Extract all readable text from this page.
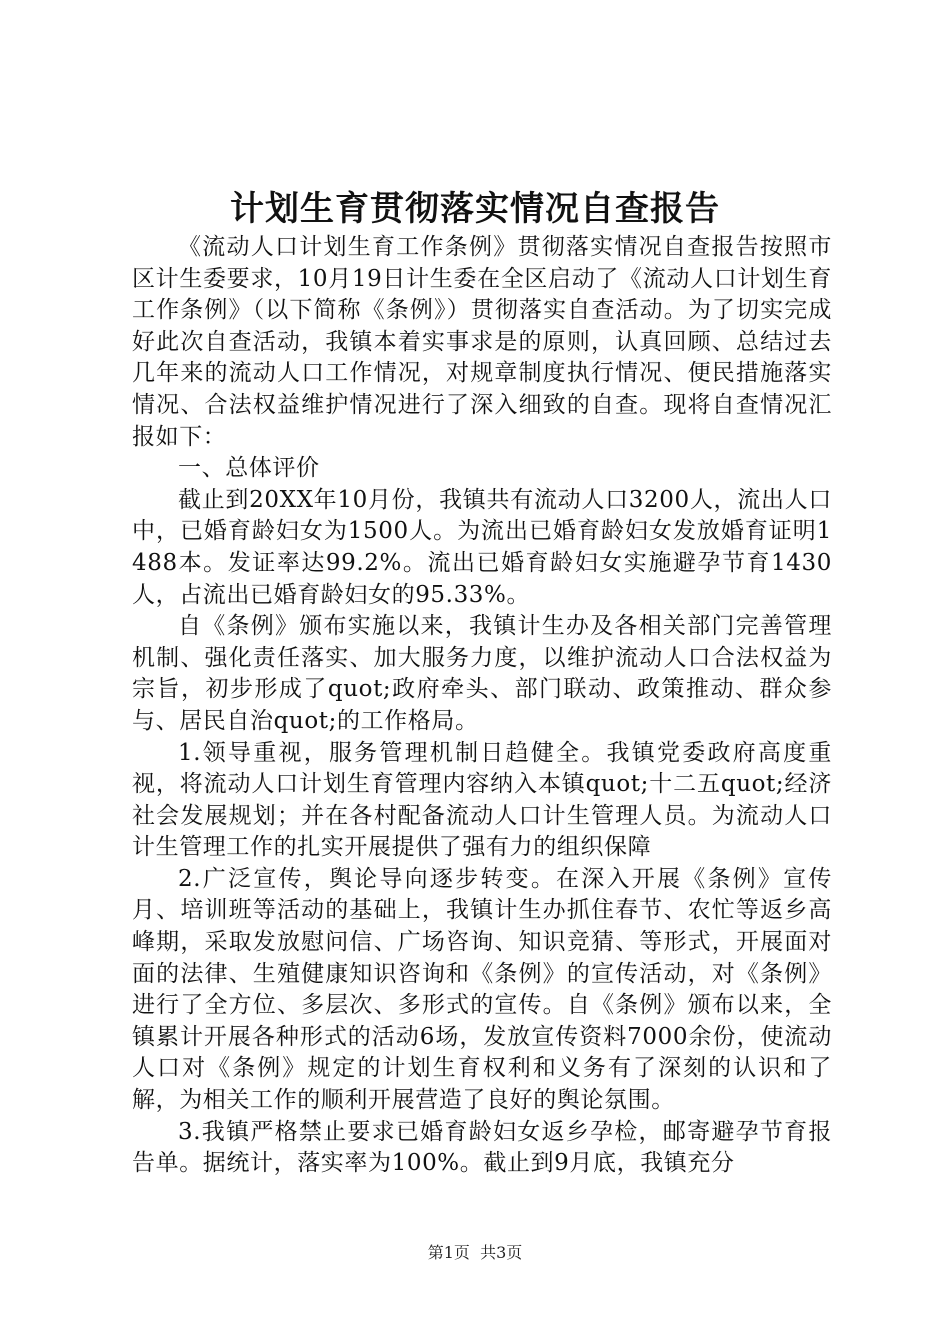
计划生育贯彻落实情况自查报告

《流动人口计划生育工作条例》贯彻落实情况自查报告按照市区计生委要求，10月19日计生委在全区启动了《流动人口计划生育工作条例》（以下简称《条例》）贯彻落实自查活动。为了切实完成好此次自查活动，我镇本着实事求是的原则，认真回顾、总结过去几年来的流动人口工作情况，对规章制度执行情况、便民措施落实情况、合法权益维护情况进行了深入细致的自查。现将自查情况汇报如下：

一、总体评价

截止到20XX年10月份，我镇共有流动人口3200人，流出人口中，已婚育龄妇女为1500人。为流出已婚育龄妇女发放婚育证明1488本。发证率达99.2%。流出已婚育龄妇女实施避孕节育1430人，占流出已婚育龄妇女的95.33%。

自《条例》颁布实施以来，我镇计生办及各相关部门完善管理机制、强化责任落实、加大服务力度，以维护流动人口合法权益为宗旨，初步形成了quot;政府牵头、部门联动、政策推动、群众参与、居民自治quot;的工作格局。

1.领导重视，服务管理机制日趋健全。我镇党委政府高度重视，将流动人口计划生育管理内容纳入本镇quot;十二五quot;经济社会发展规划；并在各村配备流动人口计生管理人员。为流动人口计生管理工作的扎实开展提供了强有力的组织保障

2.广泛宣传，舆论导向逐步转变。在深入开展《条例》宣传月、培训班等活动的基础上，我镇计生办抓住春节、农忙等返乡高峰期，采取发放慰问信、广场咨询、知识竞猜、等形式，开展面对面的法律、生殖健康知识咨询和《条例》的宣传活动，对《条例》进行了全方位、多层次、多形式的宣传。自《条例》颁布以来，全镇累计开展各种形式的活动6场，发放宣传资料7000余份，使流动人口对《条例》规定的计划生育权利和义务有了深刻的认识和了解，为相关工作的顺利开展营造了良好的舆论氛围。

3.我镇严格禁止要求已婚育龄妇女返乡孕检，邮寄避孕节育报告单。据统计，落实率为100%。截止到9月底，我镇充分

第1页  共3页
